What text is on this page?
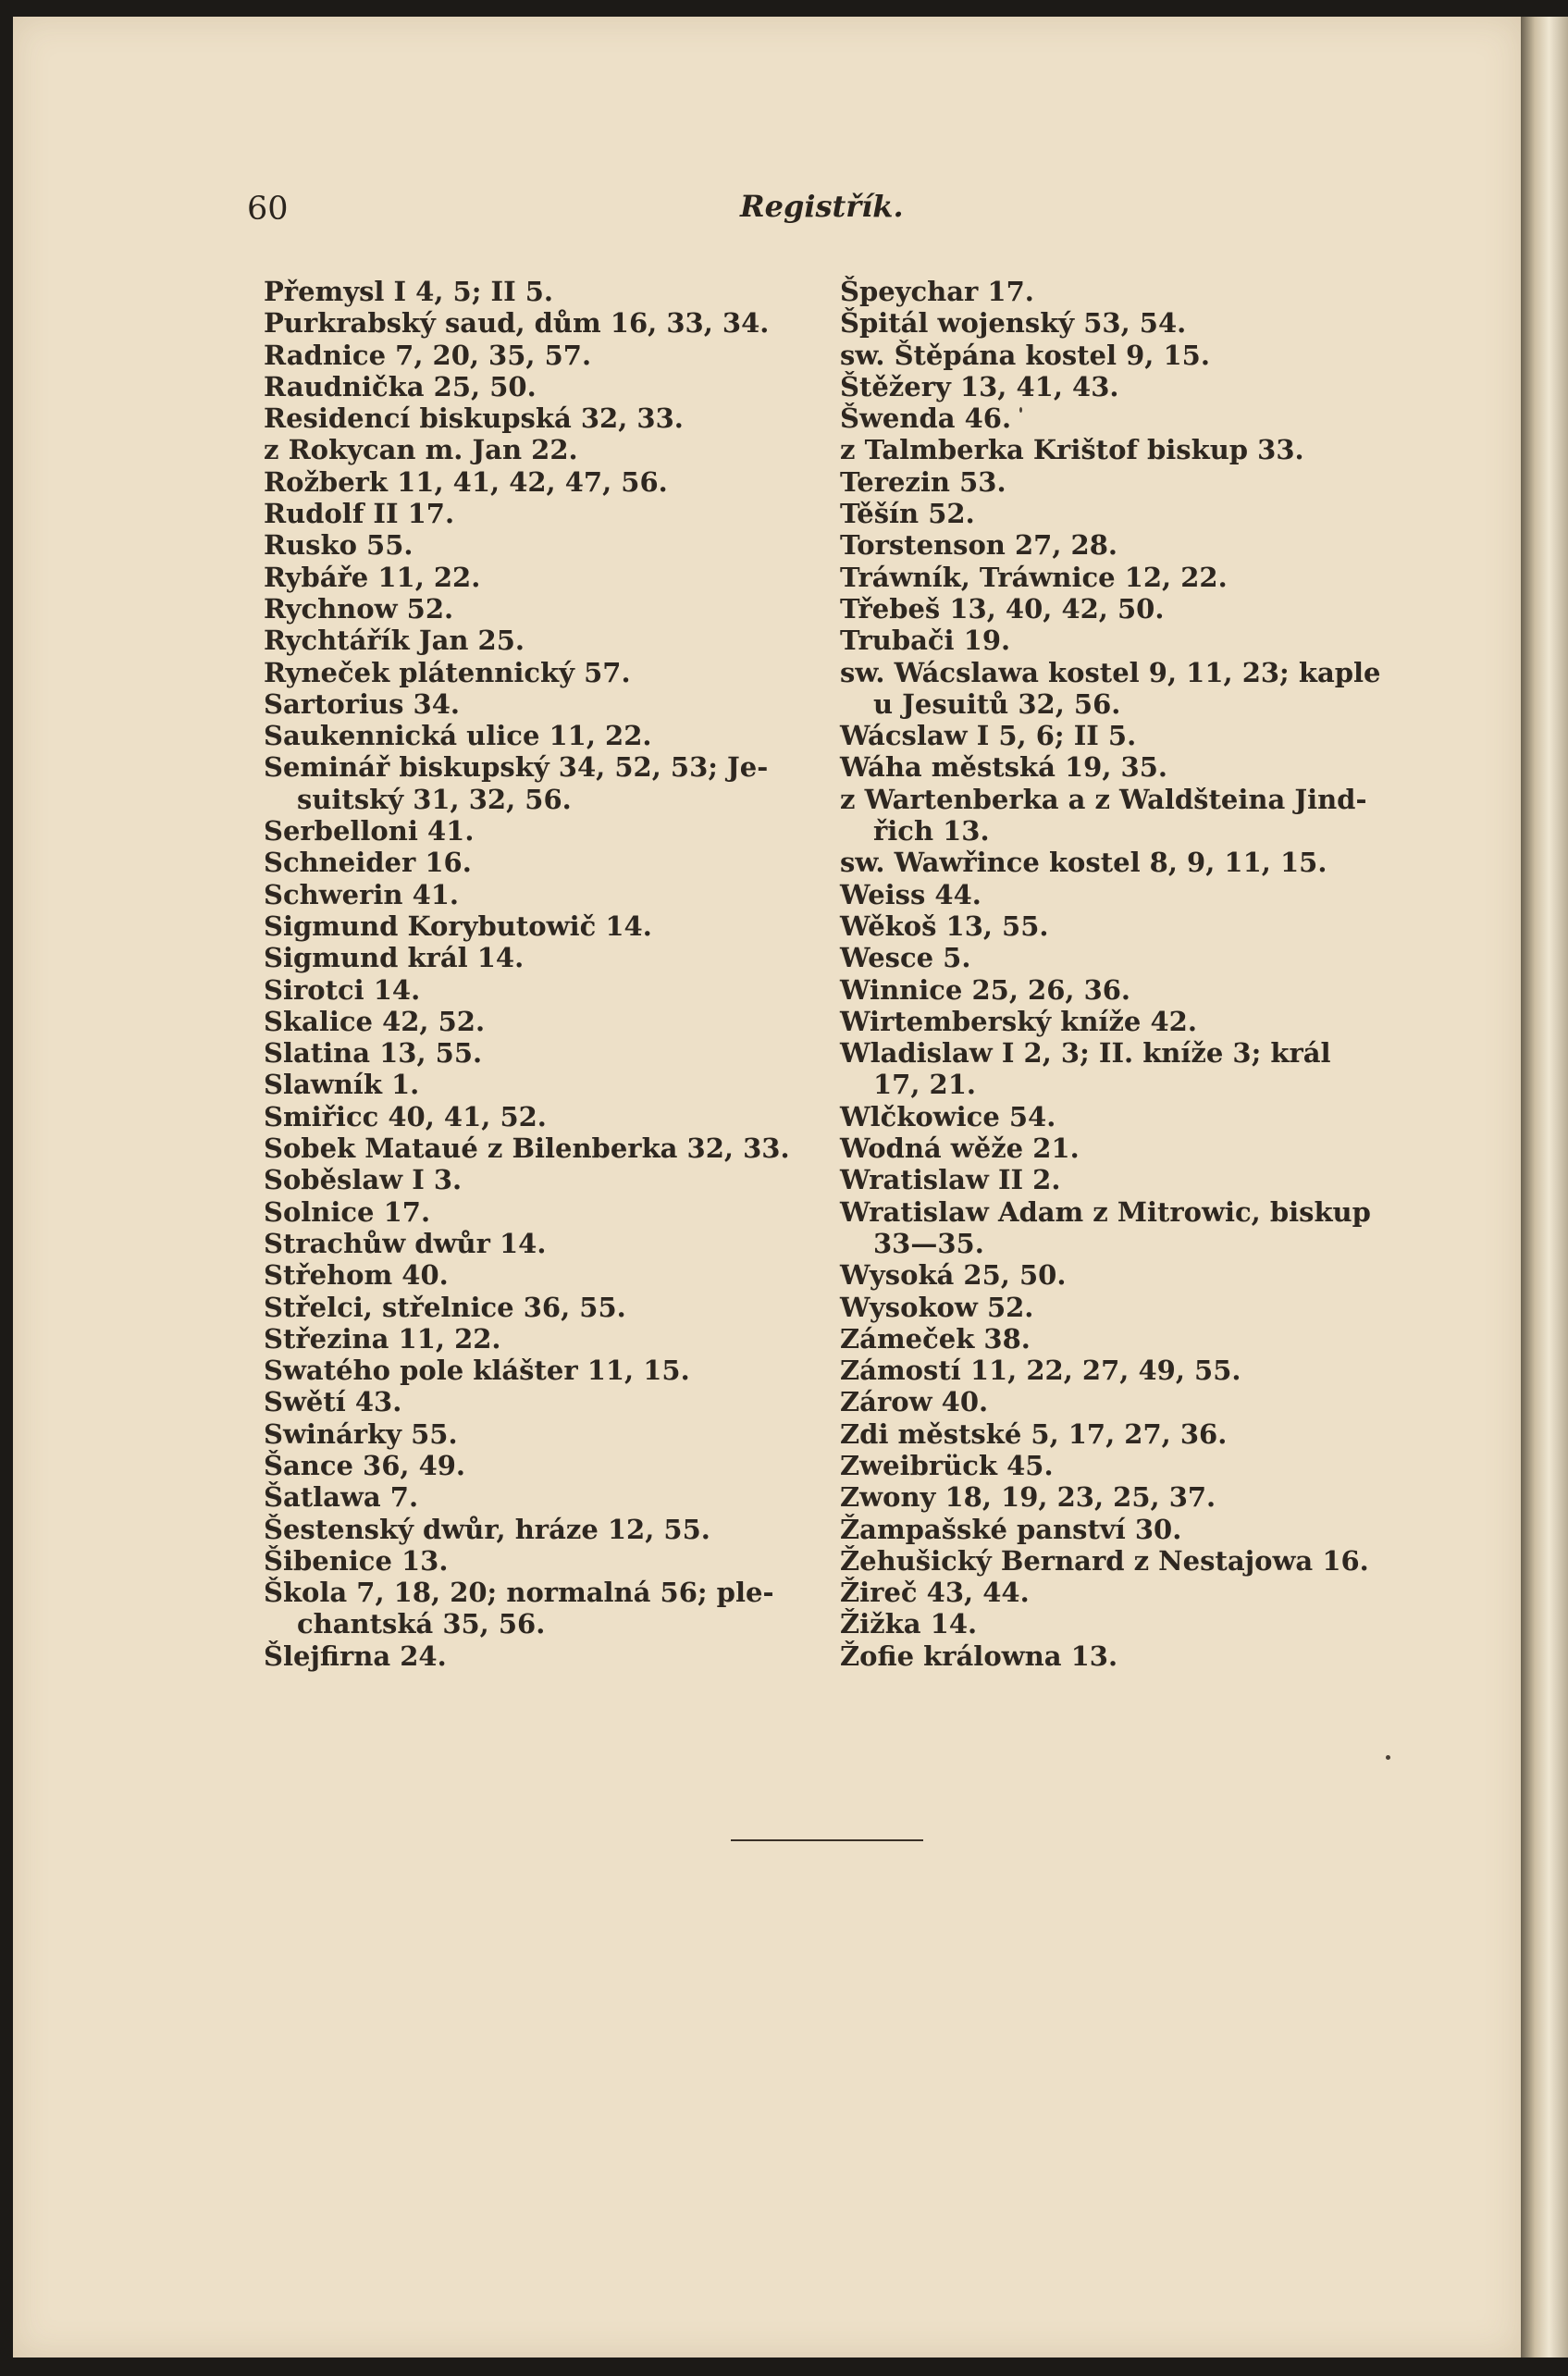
60	Registřík.
Přemysl I 4, 5; II 5.
Purkrabský saud, dům 16, 33, 34.
Radnice 7, 20, 35, 57.
Raudnička 25, 50.
Residencí biskupská 32, 33.
z Rokycan m. Jan 22.
Rožberk 11, 41, 42, 47, 56.
Rudolf II 17.
Rusko 55.
Rybáře 11, 22.
Rychnow 52.
Rychtářík Jan 25.
Ryneček plátennický 57.
Sartorius 34.
Saukennická ulice 11, 22.
Seminář biskupský 34, 52, 53; Jesuitský 31, 32, 56.
Serbelloni 41.
Schneider 16.
Schwerin 41.
Sigmund Korybutowič 14.
Sigmund král 14.
Sirotci 14.
Skalice 42, 52.
Slatina 13, 55.
Slawník 1.
Smiřicc 40, 41, 52.
Sobek Mataué z Bilenberka 32, 33.
Soběslaw I 3.
Solnice 17.
Strachůw dwůr 14.
Střehom 40.
Střelci, střelnice 36, 55.
Střezina 11, 22.
Swatého pole klášter 11, 15.
Swětí 43.
Swinárky 55.
Šance 36, 49.
Šatlawa 7.
Šestenský dwůr, hráze 12, 55.
Šibenice 13.
Škola 7, 18, 20; normalná 56; plechantská 35, 56.
Šlejfirna 24.
Špeychar 17.
Špitál wojenský 53, 54.
sw. Štěpána kostel 9, 15.
Štěžery 13, 41, 43.
Šwenda 46.
z Talmberka Krištof biskup 33.
Terezin 53.
Těšín 52.
Torstenson 27, 28.
Tráwník, Tráwnice 12, 22.
Třebeš 13, 40, 42, 50.
Trubači 19.
sw. Wácslawa kostel 9, 11, 23; kaple u Jesuitů 32, 56.
Wácslaw I 5, 6; II 5.
Wáha městská 19, 35.
z Wartenberka a z Waldšteina Jindřich 13.
sw. Wawřince kostel 8, 9, 11, 15.
Weiss 44.
Wěkoš 13, 55.
Wesce 5.
Winnice 25, 26, 36.
Wirtemberský kníže 42.
Wladislaw I 2, 3; II. kníže 3; král 17, 21.
Wlčkowice 54.
Wodná wěže 21.
Wratislaw II 2.
Wratislaw Adam z Mitrowic, biskup 33—35.
Wysoká 25, 50.
Wysokow 52.
Zámeček 38.
Zámostí 11, 22, 27, 49, 55.
Zárow 40.
Zdi městské 5, 17, 27, 36.
Zweibrück 45.
Zwony 18, 19, 23, 25, 37.
Žampašské panství 30.
Žehušický Bernard z Nestajowa 16.
Žireč 43, 44.
Žižka 14.
Žofie králowna 13.
